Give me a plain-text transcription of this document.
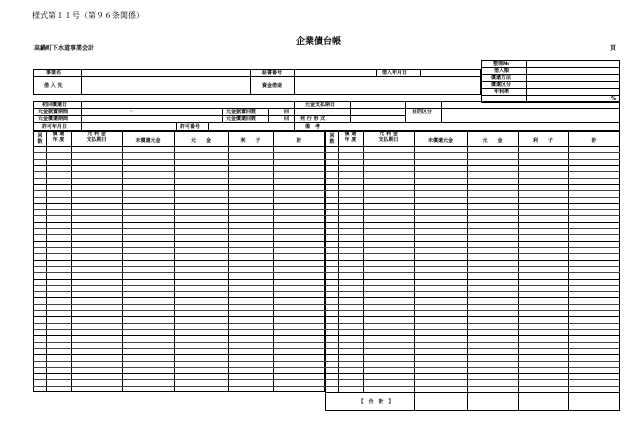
様式第１１号（第９６条関係）
企業債台帳
高鍋町下水道事業会計	頁
整理№
借入額
償還方法
償還区分
年利率
%
事業名	証書番号	借入年月日
借 入 先	資金借途
初回償還日	元金支払期日
目的区分
元金据置期間	～	元金据置回数	回
元金償還期間	元金償還回数	回 発 行 形 式
許可年月日	許可番号	備　考
回
数
償 還
年 度
元 利 金
支払期日	未償還元金	元　　金	利　　子	計
回
数
償 還
年 度
元 利 金
支払期日	未償還元金	元　　金	利　　子	計
【　合　計　】
